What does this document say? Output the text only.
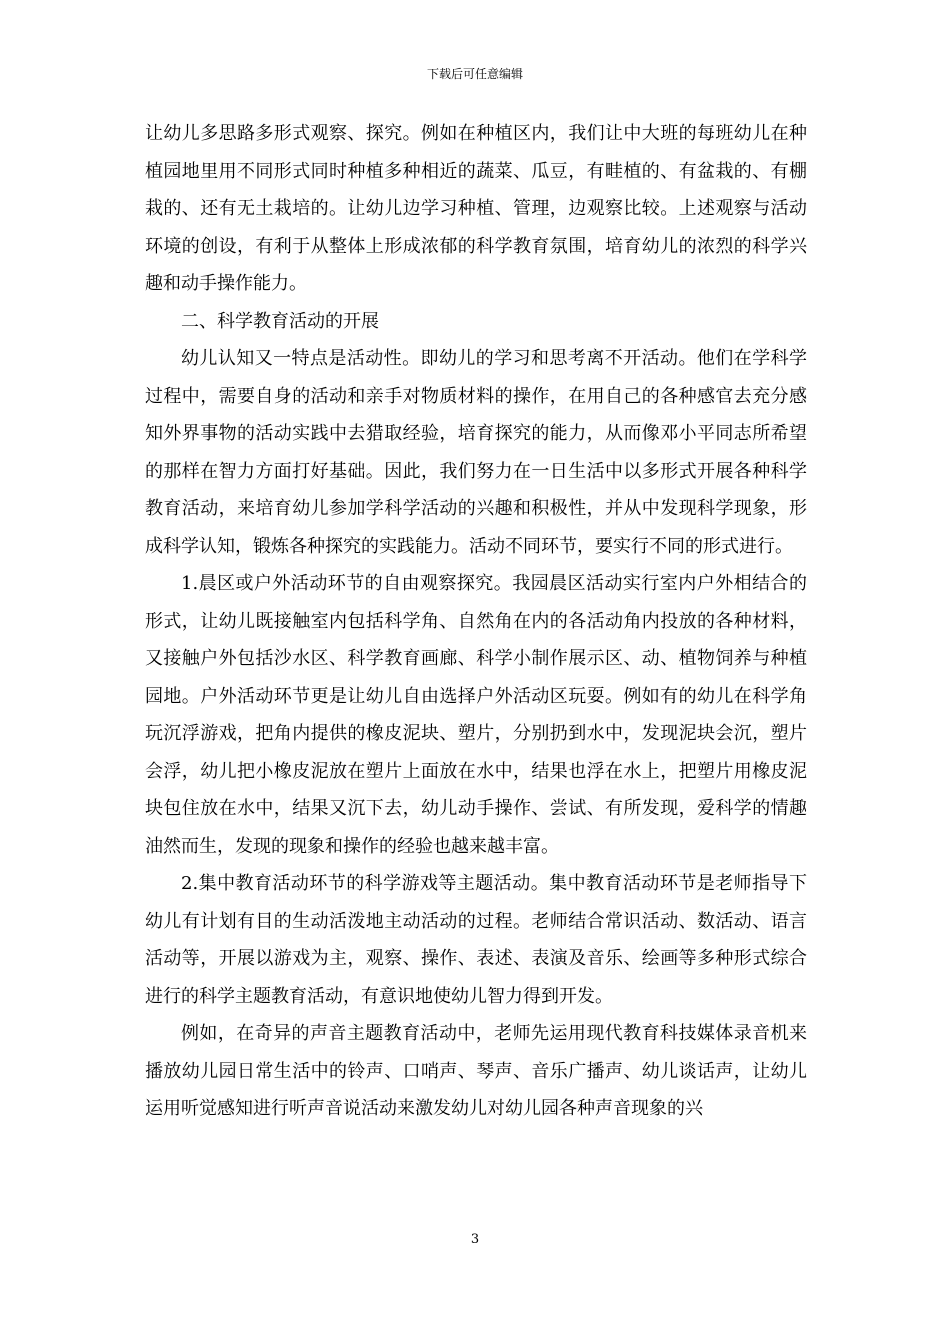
下载后可任意编辑

让幼儿多思路多形式观察、探究。例如在种植区内，我们让中大班的每班幼儿在种植园地里用不同形式同时种植多种相近的蔬菜、瓜豆，有畦植的、有盆栽的、有棚栽的、还有无土栽培的。让幼儿边学习种植、管理，边观察比较。上述观察与活动环境的创设，有利于从整体上形成浓郁的科学教育氛围，培育幼儿的浓烈的科学兴趣和动手操作能力。

二、科学教育活动的开展

幼儿认知又一特点是活动性。即幼儿的学习和思考离不开活动。他们在学科学过程中，需要自身的活动和亲手对物质材料的操作，在用自己的各种感官去充分感知外界事物的活动实践中去猎取经验，培育探究的能力，从而像邓小平同志所希望的那样在智力方面打好基础。因此，我们努力在一日生活中以多形式开展各种科学教育活动，来培育幼儿参加学科学活动的兴趣和积极性，并从中发现科学现象，形成科学认知，锻炼各种探究的实践能力。活动不同环节，要实行不同的形式进行。

1.晨区或户外活动环节的自由观察探究。我园晨区活动实行室内户外相结合的形式，让幼儿既接触室内包括科学角、自然角在内的各活动角内投放的各种材料，又接触户外包括沙水区、科学教育画廊、科学小制作展示区、动、植物饲养与种植园地。户外活动环节更是让幼儿自由选择户外活动区玩耍。例如有的幼儿在科学角玩沉浮游戏，把角内提供的橡皮泥块、塑片，分别扔到水中，发现泥块会沉，塑片会浮，幼儿把小橡皮泥放在塑片上面放在水中，结果也浮在水上，把塑片用橡皮泥块包住放在水中，结果又沉下去，幼儿动手操作、尝试、有所发现，爱科学的情趣油然而生，发现的现象和操作的经验也越来越丰富。

2.集中教育活动环节的科学游戏等主题活动。集中教育活动环节是老师指导下幼儿有计划有目的生动活泼地主动活动的过程。老师结合常识活动、数活动、语言活动等，开展以游戏为主，观察、操作、表述、表演及音乐、绘画等多种形式综合进行的科学主题教育活动，有意识地使幼儿智力得到开发。

例如，在奇异的声音主题教育活动中，老师先运用现代教育科技媒体录音机来播放幼儿园日常生活中的铃声、口哨声、琴声、音乐广播声、幼儿谈话声，让幼儿运用听觉感知进行听声音说活动来激发幼儿对幼儿园各种声音现象的兴

3
